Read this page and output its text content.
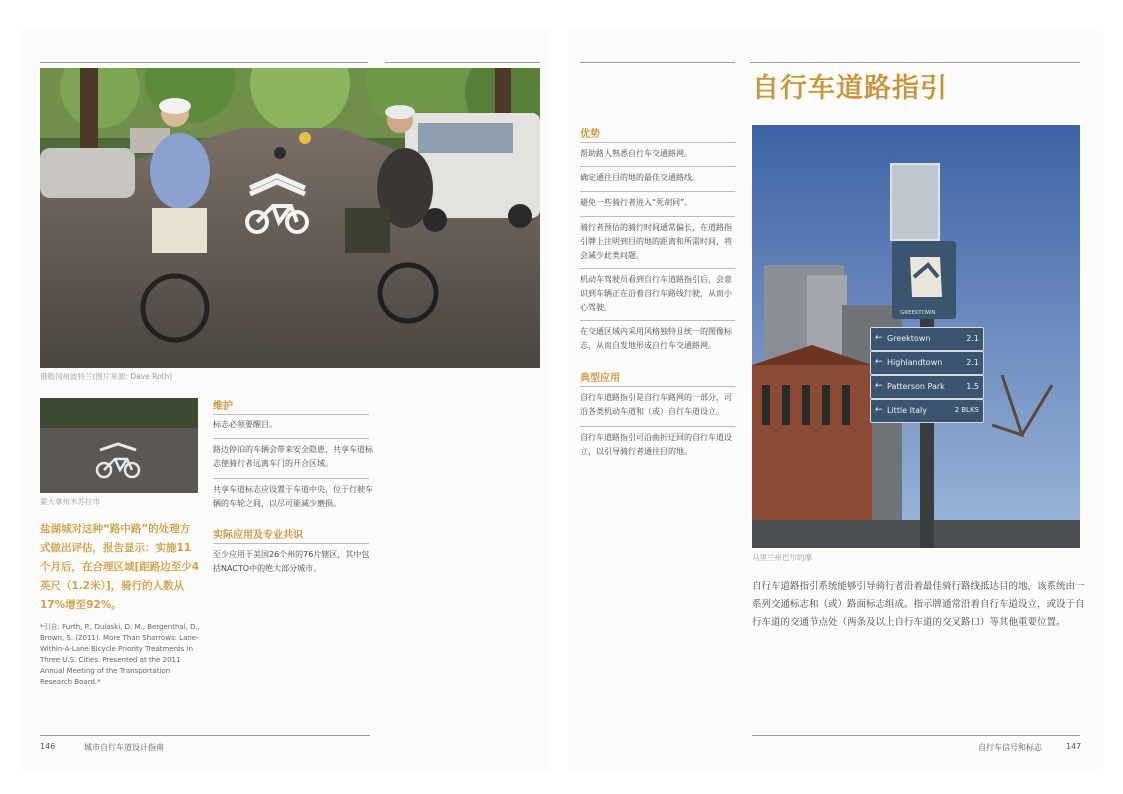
俄勒冈州波特兰(图片来源: Dave Roth)
蒙大拿州米苏拉市
维护
标志必须要醒目。
路边停泊的车辆会带来安全隐患，共享车道标志使骑行者远离车门的开合区域。
共享车道标志应设置于车道中央，位于行驶车辆的车轮之间，以尽可能减少磨损。
实际应用及专业共识
至少应用于美国26个州的76片辖区，其中包括NACTO中的绝大部分城市。
盐湖城对这种“路中路”的处理方式做出评估，报告显示：实施11个月后，在合理区域[距路边至少4英尺（1.2米）]，骑行的人数从17%增至92%。
*引自: Furth, P., Dulaski, D. M., Bergenthal, D., Brown, S. (2011). More Than Sharrows: Lane-Within-A-Lane Bicycle Priority Treatments in Three U.S. Cities. Presented at the 2011 Annual Meeting of the Transportation Research Board.*
146	城市自行车道设计指南
自行车道路指引
优势
帮助路人熟悉自行车交通路网。
确定通往目的地的最佳交通路线。
避免一些骑行者进入“死胡同”。
骑行者预估的骑行时间通常偏长，在道路指引牌上注明到目的地的距离和所需时间，将会减少此类问题。
机动车驾驶员看到自行车道路指引后，会意识到车辆正在沿着自行车路线行驶，从而小心驾驶。
在交通区域内采用风格独特且统一的图像标志，从而自发地形成自行车交通路网。
典型应用
自行车道路指引是自行车路网的一部分，可沿各类机动车道和（或）自行车道设立。
自行车道路指引可沿曲折迂回的自行车道设立，以引导骑行者通往目的地。
GREEKTOWN
← Greektown	2.1
← Highlandtown	2.1
← Patterson Park	1.5
← Little Italy	2 BLKS
马里兰州巴尔的摩
自行车道路指引系统能够引导骑行者沿着最佳骑行路线抵达目的地，该系统由一系列交通标志和（或）路面标志组成。指示牌通常沿着自行车道设立，或设于自行车道的交通节点处（两条及以上自行车道的交叉路口）等其他重要位置。
自行车信号和标志	147
